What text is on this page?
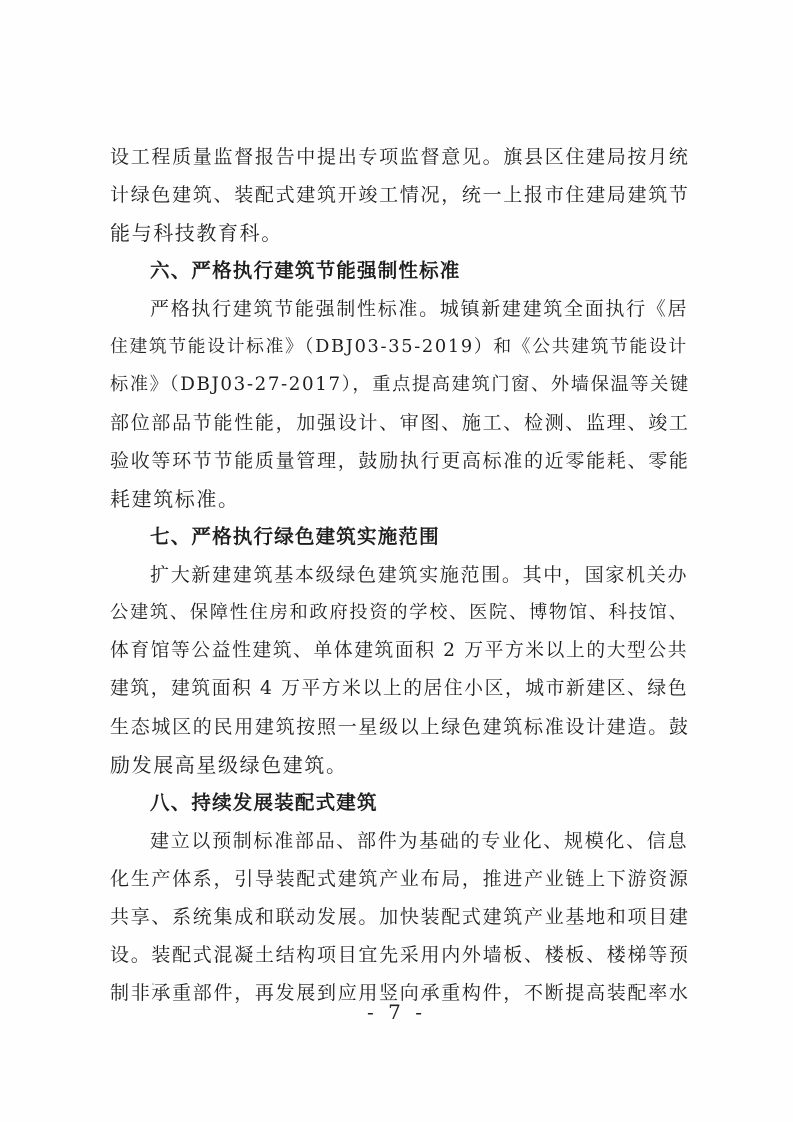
设工程质量监督报告中提出专项监督意见。旗县区住建局按月统
计绿色建筑、装配式建筑开竣工情况，统一上报市住建局建筑节
能与科技教育科。
六、严格执行建筑节能强制性标准
严格执行建筑节能强制性标准。城镇新建建筑全面执行《居
住建筑节能设计标准》（DBJ03-35-2019）和《公共建筑节能设计
标准》（DBJ03-27-2017），重点提高建筑门窗、外墙保温等关键
部位部品节能性能，加强设计、审图、施工、检测、监理、竣工
验收等环节节能质量管理，鼓励执行更高标准的近零能耗、零能
耗建筑标准。
七、严格执行绿色建筑实施范围
扩大新建建筑基本级绿色建筑实施范围。其中，国家机关办
公建筑、保障性住房和政府投资的学校、医院、博物馆、科技馆、
体育馆等公益性建筑、单体建筑面积 2 万平方米以上的大型公共
建筑，建筑面积 4 万平方米以上的居住小区，城市新建区、绿色
生态城区的民用建筑按照一星级以上绿色建筑标准设计建造。鼓
励发展高星级绿色建筑。
八、持续发展装配式建筑
建立以预制标准部品、部件为基础的专业化、规模化、信息
化生产体系，引导装配式建筑产业布局，推进产业链上下游资源
共享、系统集成和联动发展。加快装配式建筑产业基地和项目建
设。装配式混凝土结构项目宜先采用内外墙板、楼板、楼梯等预
制非承重部件，再发展到应用竖向承重构件，不断提高装配率水
- 7 -
